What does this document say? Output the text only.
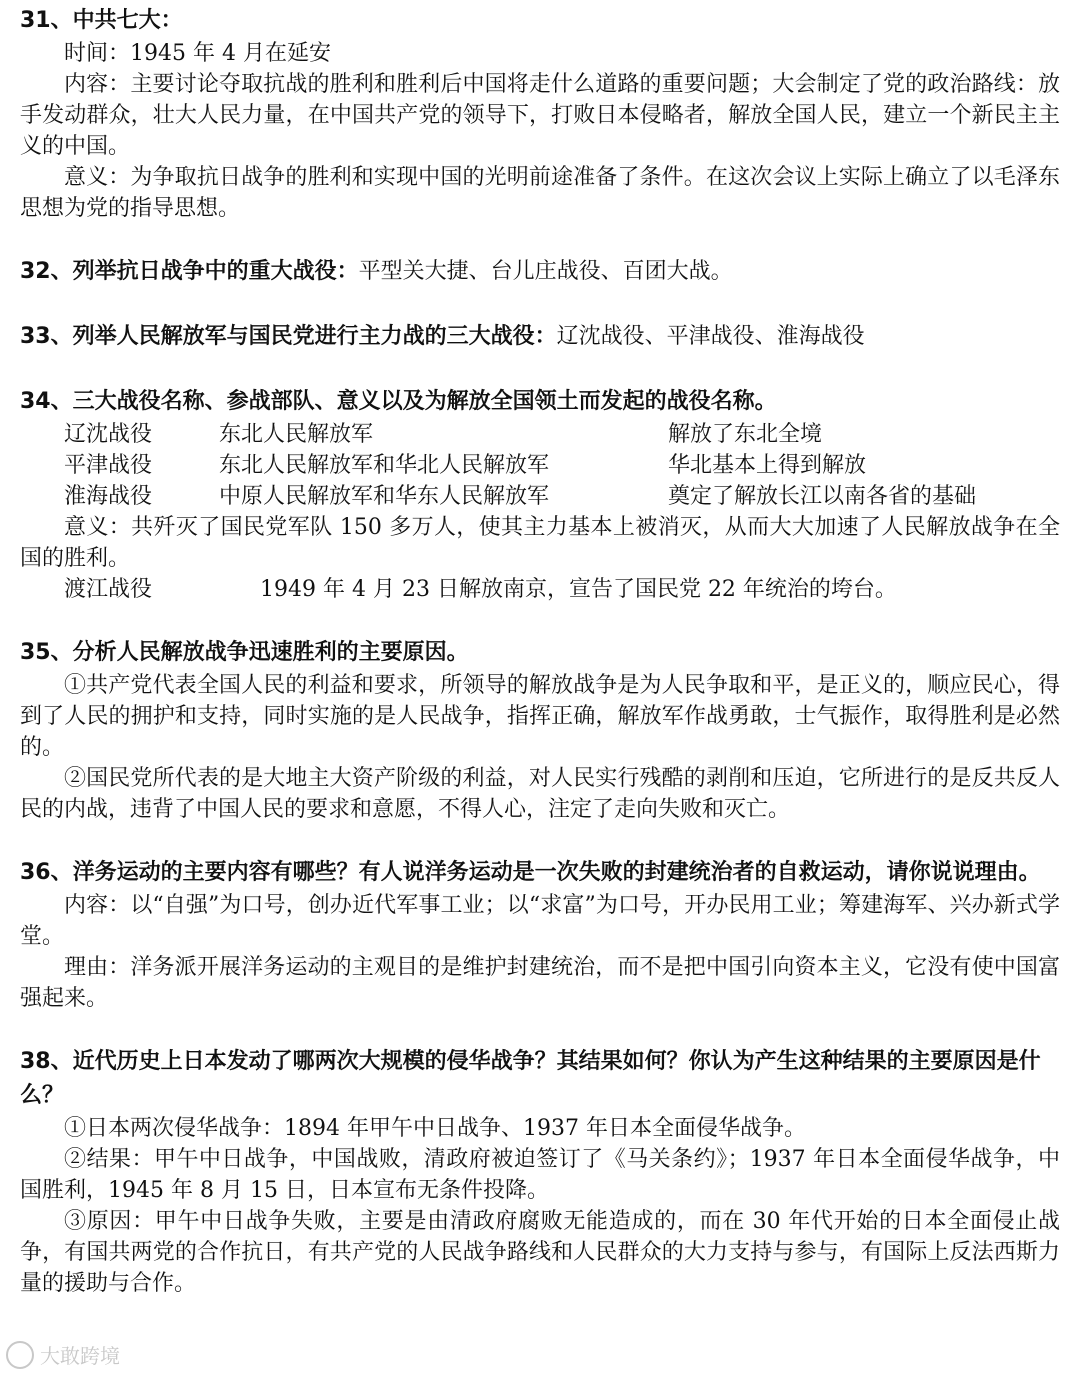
31、中共七大：

时间：1945 年 4 月在延安

内容：主要讨论夺取抗战的胜利和胜利后中国将走什么道路的重要问题；大会制定了党的政治路线：放手发动群众，壮大人民力量，在中国共产党的领导下，打败日本侵略者，解放全国人民，建立一个新民主主义的中国。

意义：为争取抗日战争的胜利和实现中国的光明前途准备了条件。在这次会议上实际上确立了以毛泽东思想为党的指导思想。

32、列举抗日战争中的重大战役：平型关大捷、台儿庄战役、百团大战。

33、列举人民解放军与国民党进行主力战的三大战役：辽沈战役、平津战役、淮海战役

34、三大战役名称、参战部队、意义以及为解放全国领土而发起的战役名称。

辽沈战役	东北人民解放军	解放了东北全境
平津战役	东北人民解放军和华北人民解放军	华北基本上得到解放
淮海战役	中原人民解放军和华东人民解放军	奠定了解放长江以南各省的基础

意义：共歼灭了国民党军队 150 多万人，使其主力基本上被消灭，从而大大加速了人民解放战争在全国的胜利。

渡江战役	1949 年 4 月 23 日解放南京，宣告了国民党 22 年统治的垮台。

35、分析人民解放战争迅速胜利的主要原因。

①共产党代表全国人民的利益和要求，所领导的解放战争是为人民争取和平，是正义的，顺应民心，得到了人民的拥护和支持，同时实施的是人民战争，指挥正确，解放军作战勇敢，士气振作，取得胜利是必然的。

②国民党所代表的是大地主大资产阶级的利益，对人民实行残酷的剥削和压迫，它所进行的是反共反人民的内战，违背了中国人民的要求和意愿，不得人心，注定了走向失败和灭亡。

36、洋务运动的主要内容有哪些？有人说洋务运动是一次失败的封建统治者的自救运动，请你说说理由。

内容：以“自强”为口号，创办近代军事工业；以“求富”为口号，开办民用工业；筹建海军、兴办新式学堂。

理由：洋务派开展洋务运动的主观目的是维护封建统治，而不是把中国引向资本主义，它没有使中国富强起来。

38、近代历史上日本发动了哪两次大规模的侵华战争？其结果如何？你认为产生这种结果的主要原因是什么？

①日本两次侵华战争：1894 年甲午中日战争、1937 年日本全面侵华战争。

②结果：甲午中日战争，中国战败，清政府被迫签订了《马关条约》；1937 年日本全面侵华战争，中国胜利，1945 年 8 月 15 日，日本宣布无条件投降。

③原因：甲午中日战争失败，主要是由清政府腐败无能造成的，而在 30 年代开始的日本全面侵止战争，有国共两党的合作抗日，有共产党的人民战争路线和人民群众的大力支持与参与，有国际上反法西斯力量的援助与合作。

大敢跨境
